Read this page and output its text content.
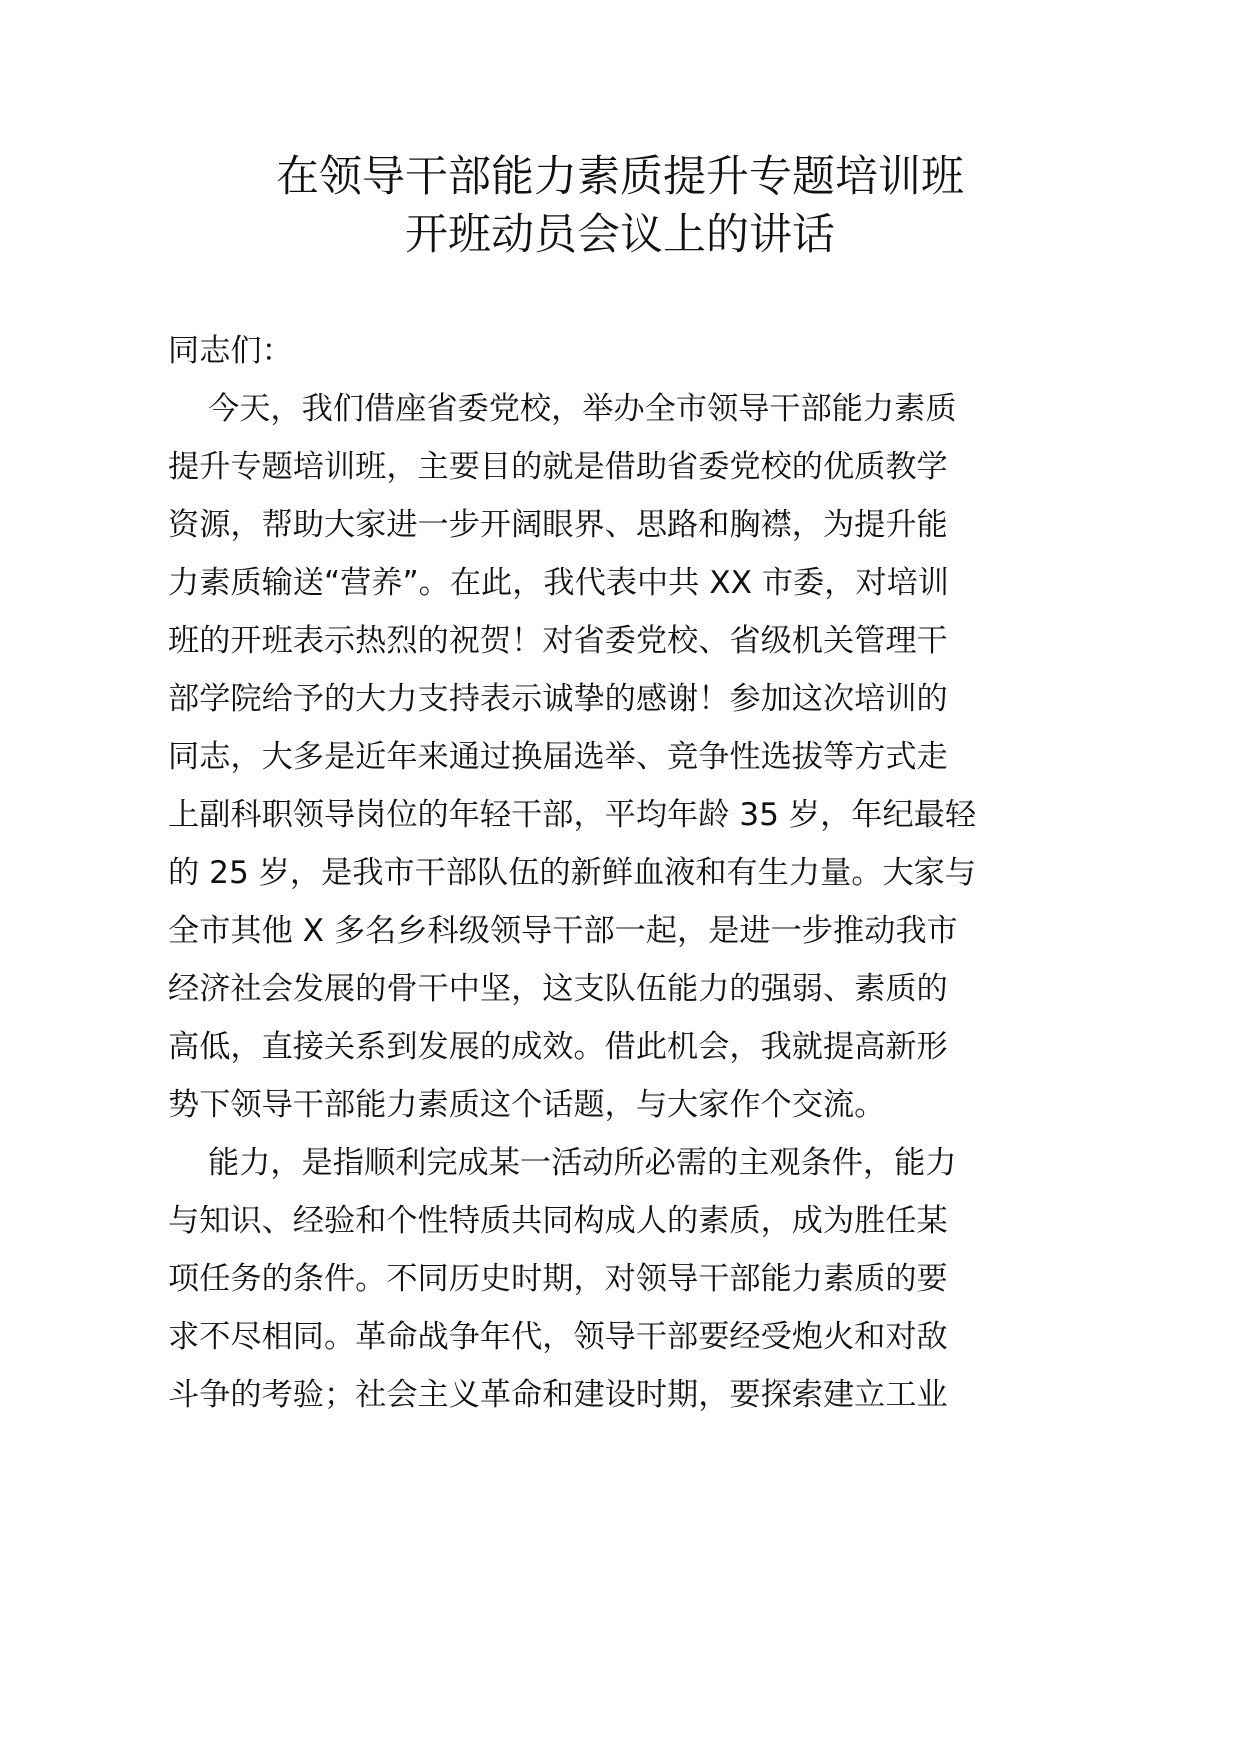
在领导干部能力素质提升专题培训班
开班动员会议上的讲话
同志们：
今天，我们借座省委党校，举办全市领导干部能力素质
提升专题培训班，主要目的就是借助省委党校的优质教学
资源，帮助大家进一步开阔眼界、思路和胸襟，为提升能
力素质输送“营养”。在此，我代表中共 XX 市委，对培训
班的开班表示热烈的祝贺！对省委党校、省级机关管理干
部学院给予的大力支持表示诚挚的感谢！参加这次培训的
同志，大多是近年来通过换届选举、竞争性选拔等方式走
上副科职领导岗位的年轻干部，平均年龄 35 岁，年纪最轻
的 25 岁，是我市干部队伍的新鲜血液和有生力量。大家与
全市其他 X 多名乡科级领导干部一起，是进一步推动我市
经济社会发展的骨干中坚，这支队伍能力的强弱、素质的
高低，直接关系到发展的成效。借此机会，我就提高新形
势下领导干部能力素质这个话题，与大家作个交流。
能力，是指顺利完成某一活动所必需的主观条件，能力
与知识、经验和个性特质共同构成人的素质，成为胜任某
项任务的条件。不同历史时期，对领导干部能力素质的要
求不尽相同。革命战争年代，领导干部要经受炮火和对敌
斗争的考验；社会主义革命和建设时期，要探索建立工业
